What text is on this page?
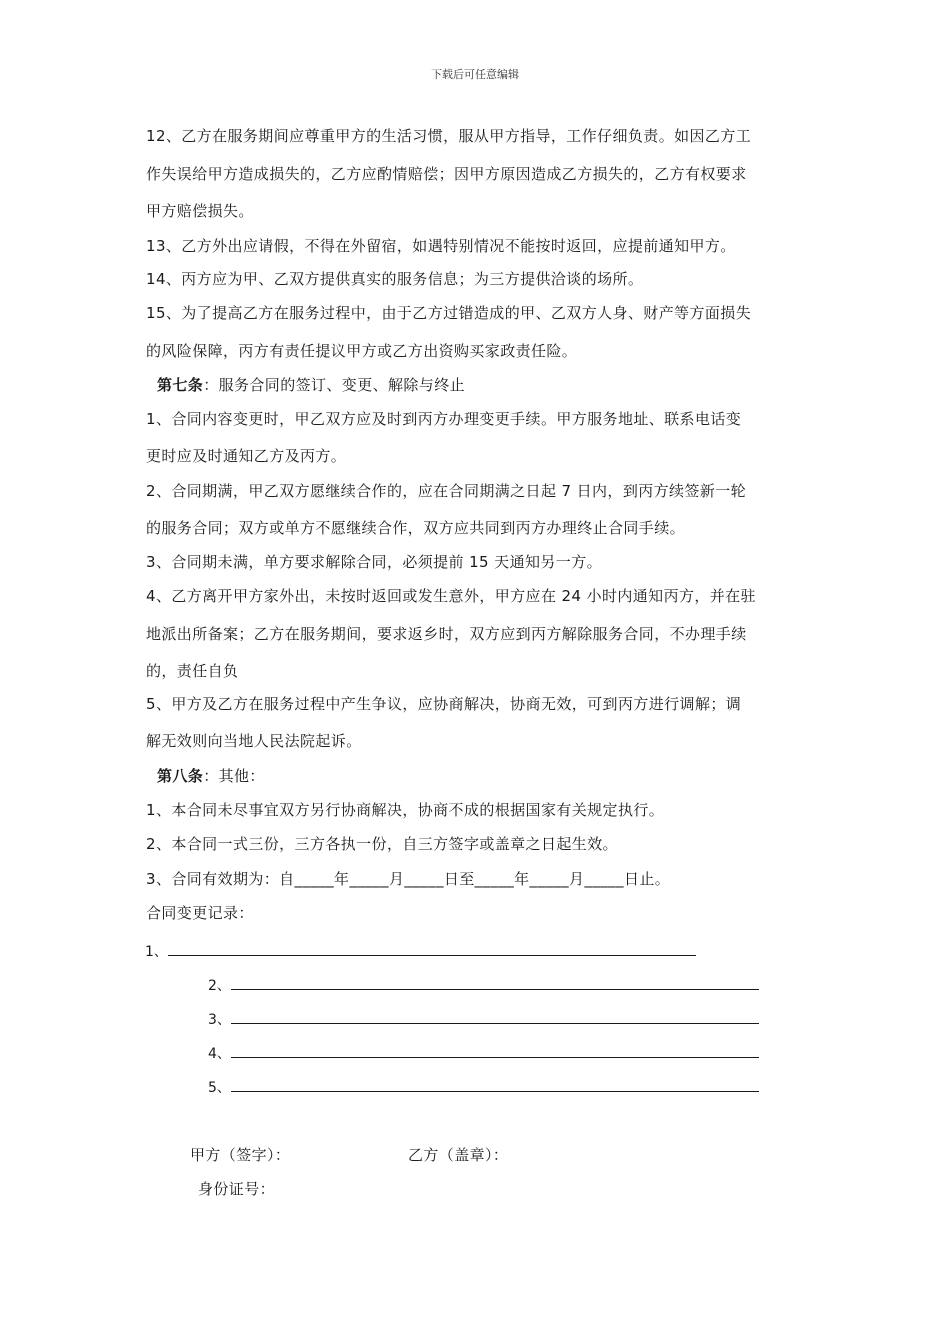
下载后可任意编辑
12、乙方在服务期间应尊重甲方的生活习惯，服从甲方指导，工作仔细负责。如因乙方工
作失误给甲方造成损失的，乙方应酌情赔偿；因甲方原因造成乙方损失的，乙方有权要求
甲方赔偿损失。
13、乙方外出应请假，不得在外留宿，如遇特别情况不能按时返回，应提前通知甲方。
14、丙方应为甲、乙双方提供真实的服务信息；为三方提供洽谈的场所。
15、为了提高乙方在服务过程中，由于乙方过错造成的甲、乙双方人身、财产等方面损失
的风险保障，丙方有责任提议甲方或乙方出资购买家政责任险。
第七条：服务合同的签订、变更、解除与终止
1、合同内容变更时，甲乙双方应及时到丙方办理变更手续。甲方服务地址、联系电话变
更时应及时通知乙方及丙方。
2、合同期满，甲乙双方愿继续合作的，应在合同期满之日起 7 日内，到丙方续签新一轮
的服务合同；双方或单方不愿继续合作，双方应共同到丙方办理终止合同手续。
3、合同期未满，单方要求解除合同，必须提前 15 天通知另一方。
4、乙方离开甲方家外出，未按时返回或发生意外，甲方应在 24 小时内通知丙方，并在驻
地派出所备案；乙方在服务期间，要求返乡时，双方应到丙方解除服务合同，不办理手续
的，责任自负
5、甲方及乙方在服务过程中产生争议，应协商解决，协商无效，可到丙方进行调解；调
解无效则向当地人民法院起诉。
第八条：其他：
1、本合同未尽事宜双方另行协商解决，协商不成的根据国家有关规定执行。
2、本合同一式三份，三方各执一份，自三方签字或盖章之日起生效。
3、合同有效期为：自_____年_____月_____日至_____年_____月_____日止。
合同变更记录：
1、
2、
3、
4、
5、
甲方（签字）：	乙方（盖章）：
身份证号：
